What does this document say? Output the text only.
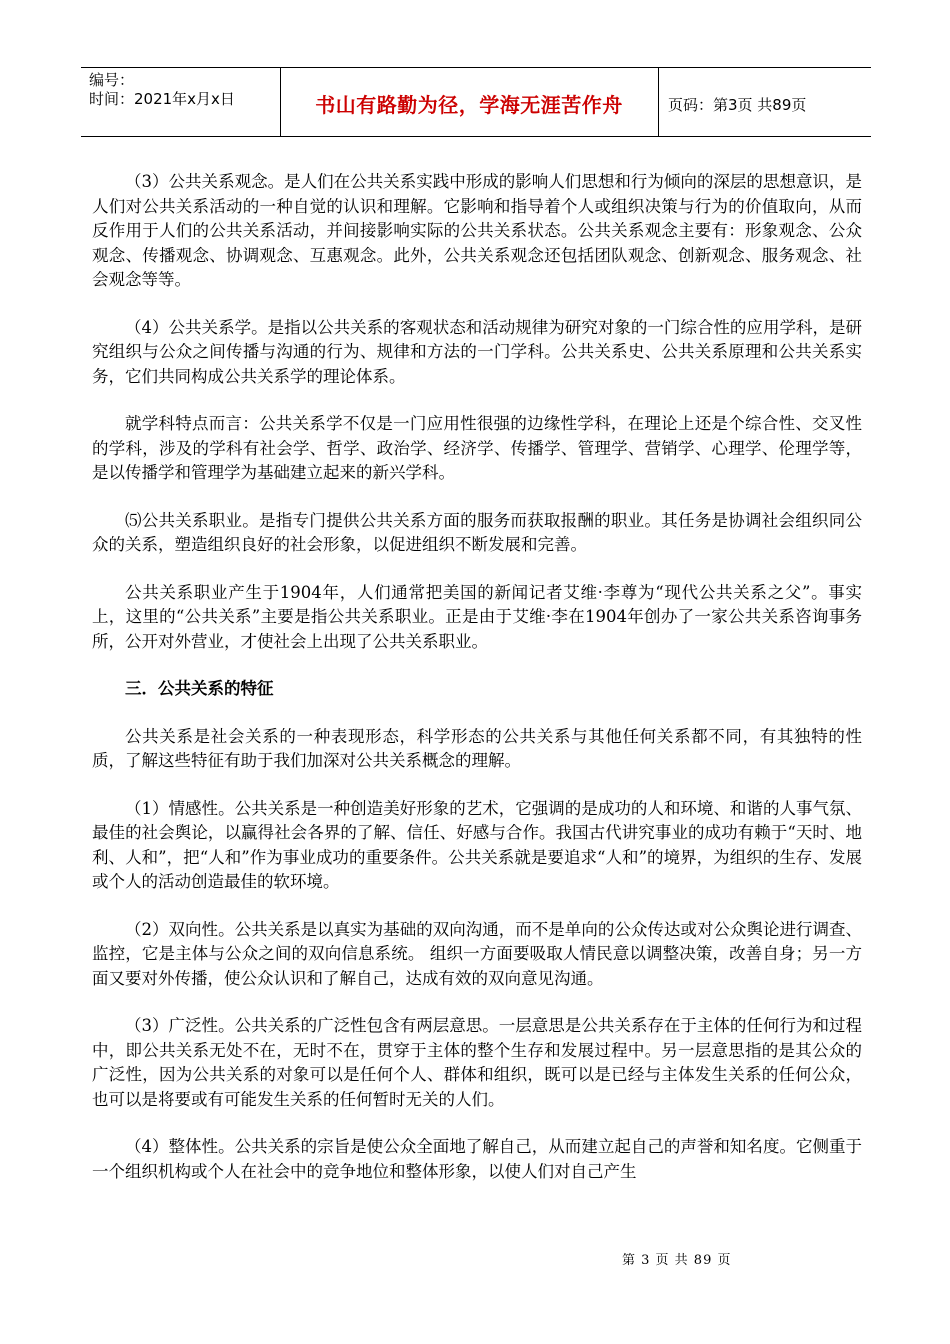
编号：
时间：2021年x月x日	书山有路勤为径，学海无涯苦作舟	页码：第3页 共89页

（3）公共关系观念。是人们在公共关系实践中形成的影响人们思想和行为倾向的深层的思想意识，是人们对公共关系活动的一种自觉的认识和理解。它影响和指导着个人或组织决策与行为的价值取向，从而反作用于人们的公共关系活动，并间接影响实际的公共关系状态。公共关系观念主要有：形象观念、公众观念、传播观念、协调观念、互惠观念。此外，公共关系观念还包括团队观念、创新观念、服务观念、社会观念等等。

（4）公共关系学。是指以公共关系的客观状态和活动规律为研究对象的一门综合性的应用学科，是研究组织与公众之间传播与沟通的行为、规律和方法的一门学科。公共关系史、公共关系原理和公共关系实务，它们共同构成公共关系学的理论体系。

就学科特点而言：公共关系学不仅是一门应用性很强的边缘性学科，在理论上还是个综合性、交叉性的学科，涉及的学科有社会学、哲学、政治学、经济学、传播学、管理学、营销学、心理学、伦理学等，是以传播学和管理学为基础建立起来的新兴学科。

⑸公共关系职业。是指专门提供公共关系方面的服务而获取报酬的职业。其任务是协调社会组织同公众的关系，塑造组织良好的社会形象，以促进组织不断发展和完善。

公共关系职业产生于1904年，人们通常把美国的新闻记者艾维·李尊为“现代公共关系之父”。事实上，这里的“公共关系”主要是指公共关系职业。正是由于艾维·李在1904年创办了一家公共关系咨询事务所，公开对外营业，才使社会上出现了公共关系职业。

三．公共关系的特征

公共关系是社会关系的一种表现形态，科学形态的公共关系与其他任何关系都不同，有其独特的性质，了解这些特征有助于我们加深对公共关系概念的理解。

（1）情感性。公共关系是一种创造美好形象的艺术，它强调的是成功的人和环境、和谐的人事气氛、最佳的社会舆论，以赢得社会各界的了解、信任、好感与合作。我国古代讲究事业的成功有赖于“天时、地利、人和”，把“人和”作为事业成功的重要条件。公共关系就是要追求“人和”的境界，为组织的生存、发展或个人的活动创造最佳的软环境。

（2）双向性。公共关系是以真实为基础的双向沟通，而不是单向的公众传达或对公众舆论进行调查、监控，它是主体与公众之间的双向信息系统。 组织一方面要吸取人情民意以调整决策，改善自身；另一方面又要对外传播，使公众认识和了解自己，达成有效的双向意见沟通。

（3）广泛性。公共关系的广泛性包含有两层意思。一层意思是公共关系存在于主体的任何行为和过程中，即公共关系无处不在，无时不在，贯穿于主体的整个生存和发展过程中。另一层意思指的是其公众的广泛性，因为公共关系的对象可以是任何个人、群体和组织，既可以是已经与主体发生关系的任何公众，也可以是将要或有可能发生关系的任何暂时无关的人们。

（4）整体性。公共关系的宗旨是使公众全面地了解自己，从而建立起自己的声誉和知名度。它侧重于一个组织机构或个人在社会中的竞争地位和整体形象，以使人们对自己产生

第 3 页 共 89 页
